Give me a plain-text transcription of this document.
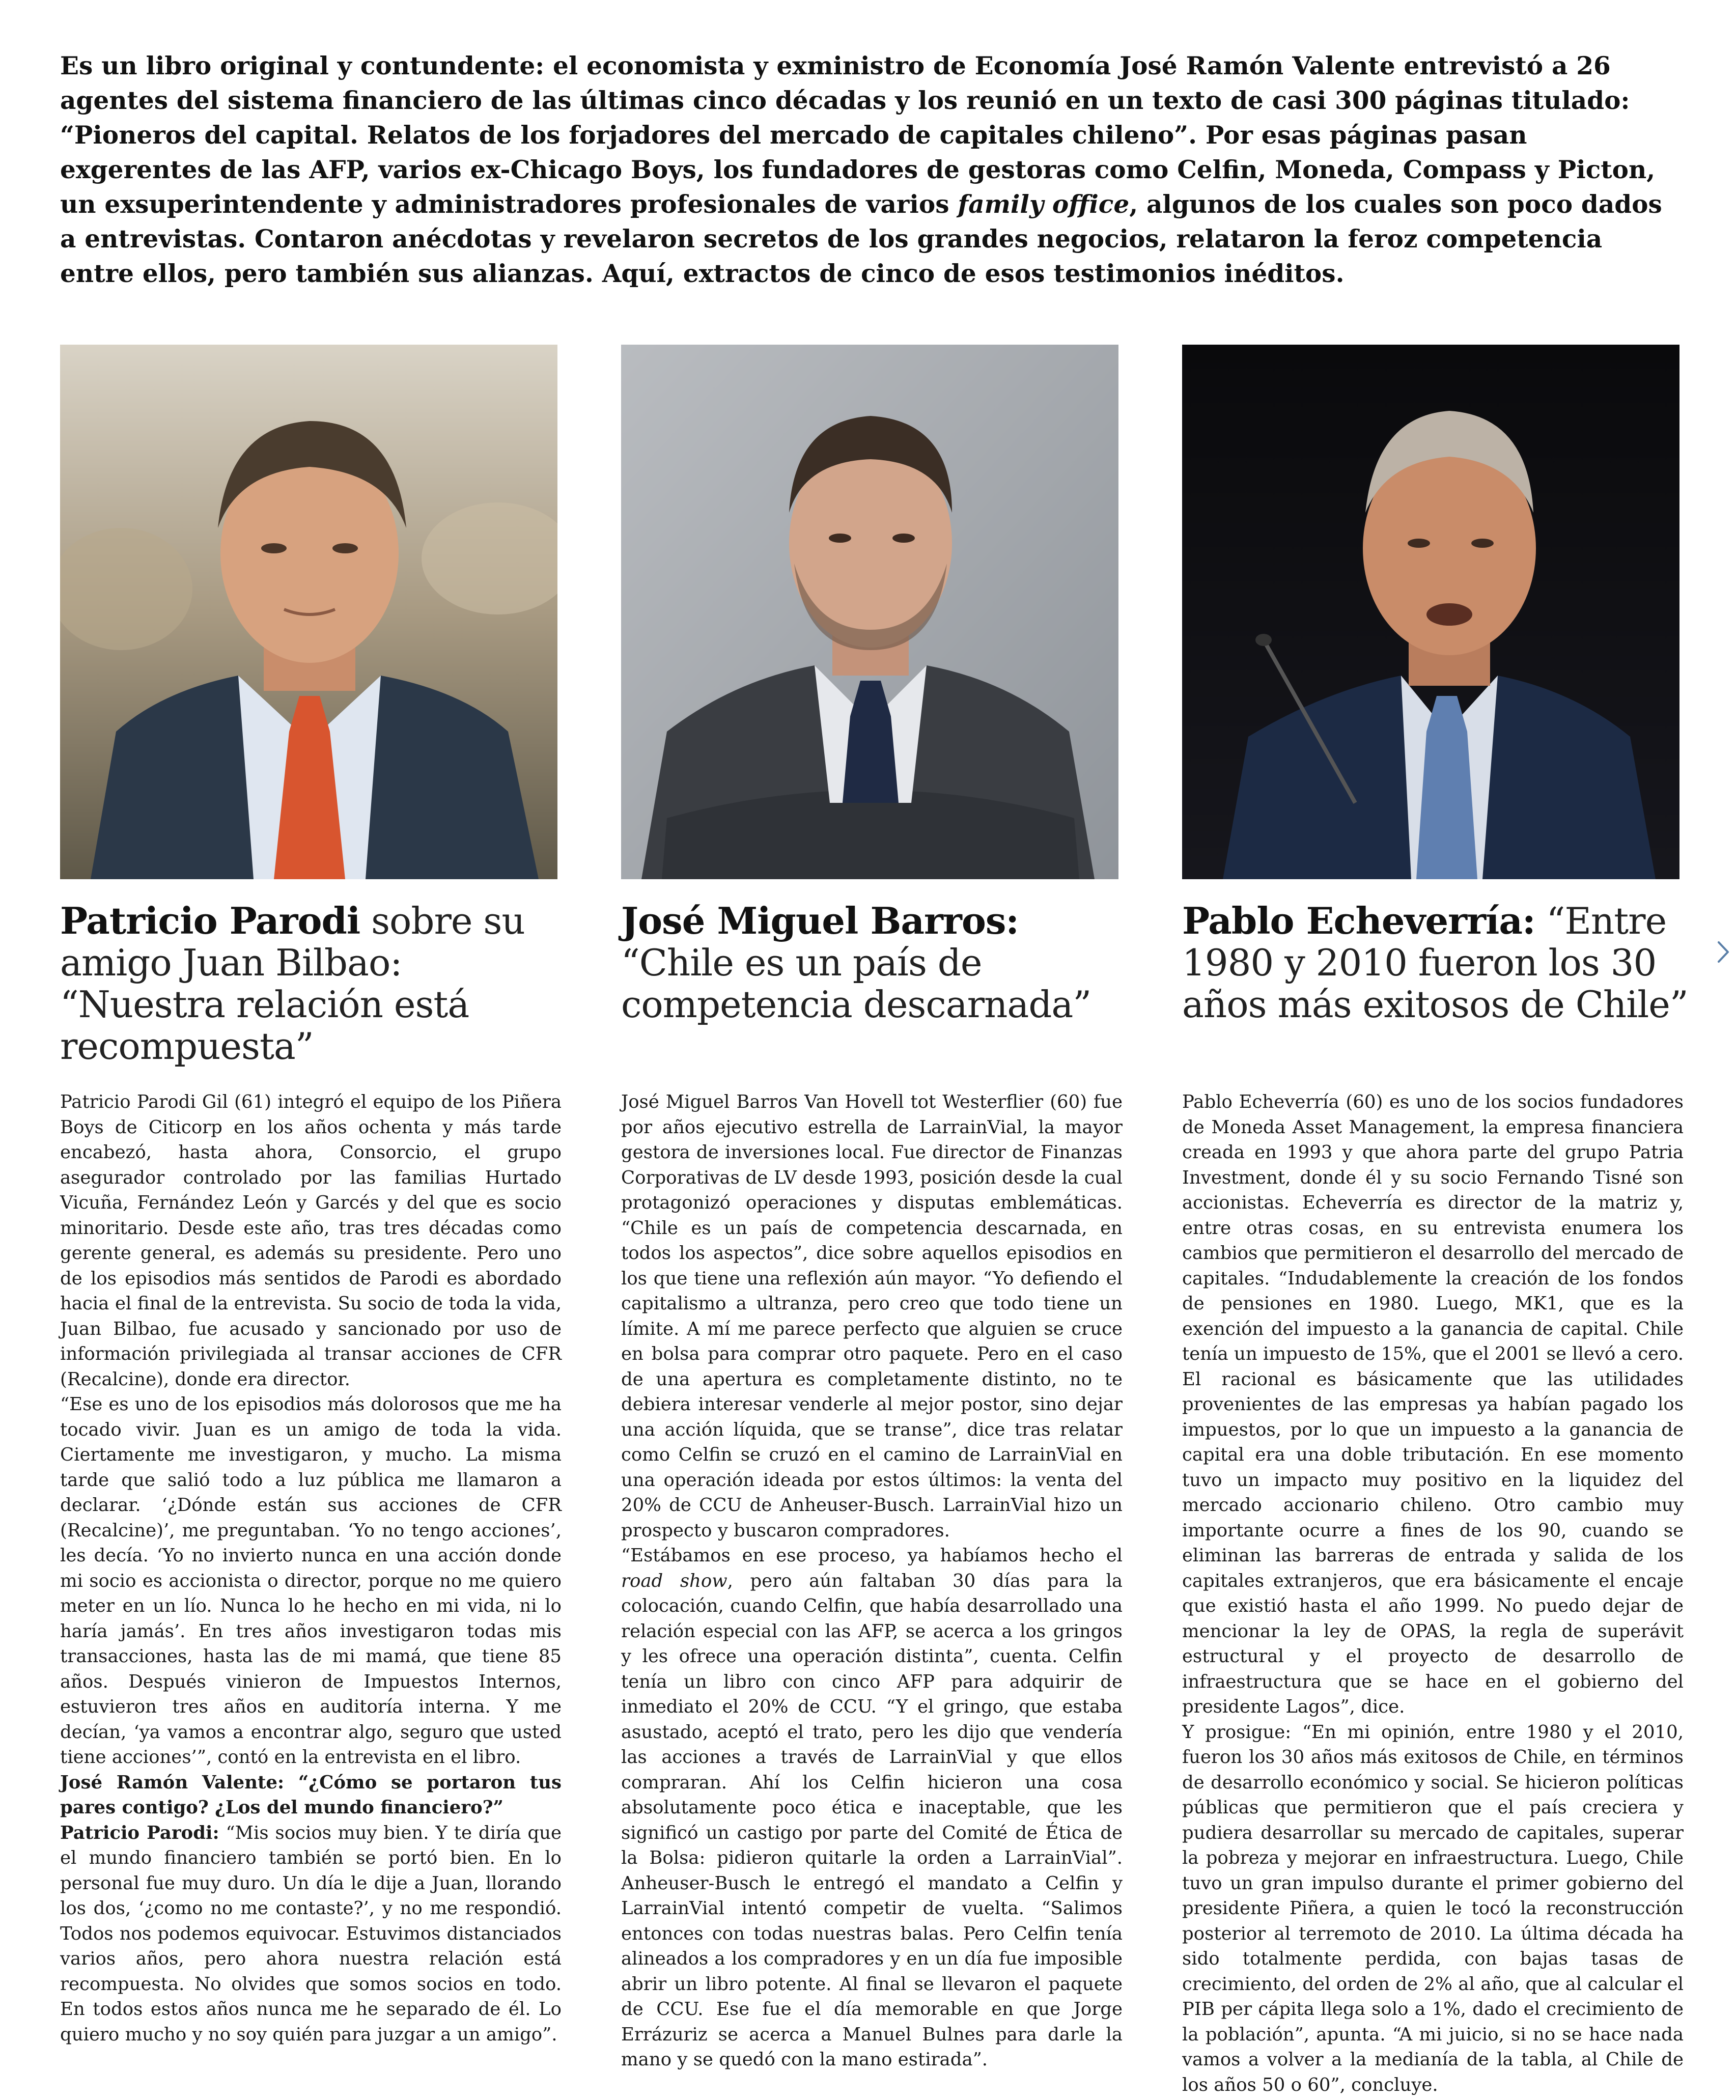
Es un libro original y contundente: el economista y exministro de Economía José Ramón Valente entrevistó a 26 agentes del sistema financiero de las últimas cinco décadas y los reunió en un texto de casi 300 páginas titulado: “Pioneros del capital. Relatos de los forjadores del mercado de capitales chileno”. Por esas páginas pasan exgerentes de las AFP, varios ex-Chicago Boys, los fundadores de gestoras como Celfin, Moneda, Compass y Picton, un exsuperintendente y administradores profesionales de varios family office, algunos de los cuales son poco dados a entrevistas. Contaron anécdotas y revelaron secretos de los grandes negocios, relataron la feroz competencia entre ellos, pero también sus alianzas. Aquí, extractos de cinco de esos testimonios inéditos.

Patricio Parodi sobre su amigo Juan Bilbao: “Nuestra relación está recompuesta”
José Miguel Barros: “Chile es un país de competencia descarnada”
Pablo Echeverría: “Entre 1980 y 2010 fueron los 30 años más exitosos de Chile”

Patricio Parodi Gil (61) integró el equipo de los Piñera Boys de Citicorp en los años ochenta y más tarde encabezó, hasta ahora, Consorcio, el grupo asegurador controlado por las familias Hurtado Vicuña, Fernández León y Garcés y del que es socio minoritario. Desde este año, tras tres décadas como gerente general, es además su presidente. Pero uno de los episodios más sentidos de Parodi es abordado hacia el final de la entrevista. Su socio de toda la vida, Juan Bilbao, fue acusado y sancionado por uso de información privilegiada al transar acciones de CFR (Recalcine), donde era director.

“Ese es uno de los episodios más dolorosos que me ha tocado vivir. Juan es un amigo de toda la vida. Ciertamente me investigaron, y mucho. La misma tarde que salió todo a luz pública me llamaron a declarar. ‘¿Dónde están sus acciones de CFR (Recalcine)’, me preguntaban. ‘Yo no tengo acciones’, les decía. ‘Yo no invierto nunca en una acción donde mi socio es accionista o director, porque no me quiero meter en un lío. Nunca lo he hecho en mi vida, ni lo haría jamás’. En tres años investigaron todas mis transacciones, hasta las de mi mamá, que tiene 85 años. Después vinieron de Impuestos Internos, estuvieron tres años en auditoría interna. Y me decían, ‘ya vamos a encontrar algo, seguro que usted tiene acciones’”, contó en la entrevista en el libro.

José Ramón Valente: “¿Cómo se portaron tus pares contigo? ¿Los del mundo financiero?”

Patricio Parodi: “Mis socios muy bien. Y te diría que el mundo financiero también se portó bien. En lo personal fue muy duro. Un día le dije a Juan, llorando los dos, ‘¿como no me contaste?’, y no me respondió. Todos nos podemos equivocar. Estuvimos distanciados varios años, pero ahora nuestra relación está recompuesta. No olvides que somos socios en todo. En todos estos años nunca me he separado de él. Lo quiero mucho y no soy quién para juzgar a un amigo”.

José Miguel Barros Van Hovell tot Westerflier (60) fue por años ejecutivo estrella de LarrainVial, la mayor gestora de inversiones local. Fue director de Finanzas Corporativas de LV desde 1993, posición desde la cual protagonizó operaciones y disputas emblemáticas. “Chile es un país de competencia descarnada, en todos los aspectos”, dice sobre aquellos episodios en los que tiene una reflexión aún mayor. “Yo defiendo el capitalismo a ultranza, pero creo que todo tiene un límite. A mí me parece perfecto que alguien se cruce en bolsa para comprar otro paquete. Pero en el caso de una apertura es completamente distinto, no te debiera interesar venderle al mejor postor, sino dejar una acción líquida, que se transe”, dice tras relatar como Celfin se cruzó en el camino de LarrainVial en una operación ideada por estos últimos: la venta del 20% de CCU de Anheuser-Busch. LarrainVial hizo un prospecto y buscaron compradores.

“Estábamos en ese proceso, ya habíamos hecho el road show, pero aún faltaban 30 días para la colocación, cuando Celfin, que había desarrollado una relación especial con las AFP, se acerca a los gringos y les ofrece una operación distinta”, cuenta. Celfin tenía un libro con cinco AFP para adquirir de inmediato el 20% de CCU. “Y el gringo, que estaba asustado, aceptó el trato, pero les dijo que vendería las acciones a través de LarrainVial y que ellos compraran. Ahí los Celfin hicieron una cosa absolutamente poco ética e inaceptable, que les significó un castigo por parte del Comité de Ética de la Bolsa: pidieron quitarle la orden a LarrainVial”. Anheuser-Busch le entregó el mandato a Celfin y LarrainVial intentó competir de vuelta. “Salimos entonces con todas nuestras balas. Pero Celfin tenía alineados a los compradores y en un día fue imposible abrir un libro potente. Al final se llevaron el paquete de CCU. Ese fue el día memorable en que Jorge Errázuriz se acerca a Manuel Bulnes para darle la mano y se quedó con la mano estirada”.

Pablo Echeverría (60) es uno de los socios fundadores de Moneda Asset Management, la empresa financiera creada en 1993 y que ahora parte del grupo Patria Investment, donde él y su socio Fernando Tisné son accionistas. Echeverría es director de la matriz y, entre otras cosas, en su entrevista enumera los cambios que permitieron el desarrollo del mercado de capitales. “Indudablemente la creación de los fondos de pensiones en 1980. Luego, MK1, que es la exención del impuesto a la ganancia de capital. Chile tenía un impuesto de 15%, que el 2001 se llevó a cero. El racional es básicamente que las utilidades provenientes de las empresas ya habían pagado los impuestos, por lo que un impuesto a la ganancia de capital era una doble tributación. En ese momento tuvo un impacto muy positivo en la liquidez del mercado accionario chileno. Otro cambio muy importante ocurre a fines de los 90, cuando se eliminan las barreras de entrada y salida de los capitales extranjeros, que era básicamente el encaje que existió hasta el año 1999. No puedo dejar de mencionar la ley de OPAS, la regla de superávit estructural y el proyecto de desarrollo de infraestructura que se hace en el gobierno del presidente Lagos”, dice.

Y prosigue: “En mi opinión, entre 1980 y el 2010, fueron los 30 años más exitosos de Chile, en términos de desarrollo económico y social. Se hicieron políticas públicas que permitieron que el país creciera y pudiera desarrollar su mercado de capitales, superar la pobreza y mejorar en infraestructura. Luego, Chile tuvo un gran impulso durante el primer gobierno del presidente Piñera, a quien le tocó la reconstrucción posterior al terremoto de 2010. La última década ha sido totalmente perdida, con bajas tasas de crecimiento, del orden de 2% al año, que al calcular el PIB per cápita llega solo a 1%, dado el crecimiento de la población”, apunta. “A mi juicio, si no se hace nada vamos a volver a la medianía de la tabla, al Chile de los años 50 o 60”, concluye.
